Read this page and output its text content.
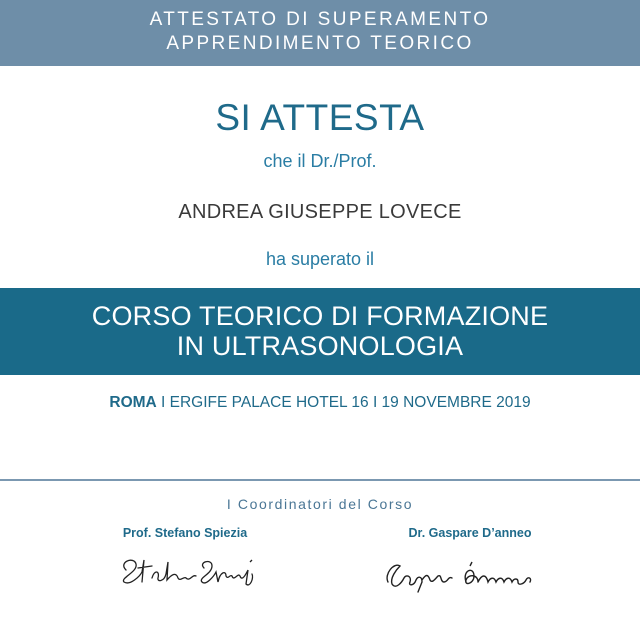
ATTESTATO DI SUPERAMENTO
APPRENDIMENTO TEORICO
SI ATTESTA
che il Dr./Prof.
ANDREA GIUSEPPE LOVECE
ha superato il
CORSO TEORICO DI FORMAZIONE
IN ULTRASONOLOGIA
ROMA I ERGIFE PALACE HOTEL 16 I 19 NOVEMBRE 2019
I Coordinatori del Corso
Prof. Stefano Spiezia	Dr. Gaspare D’anneo
